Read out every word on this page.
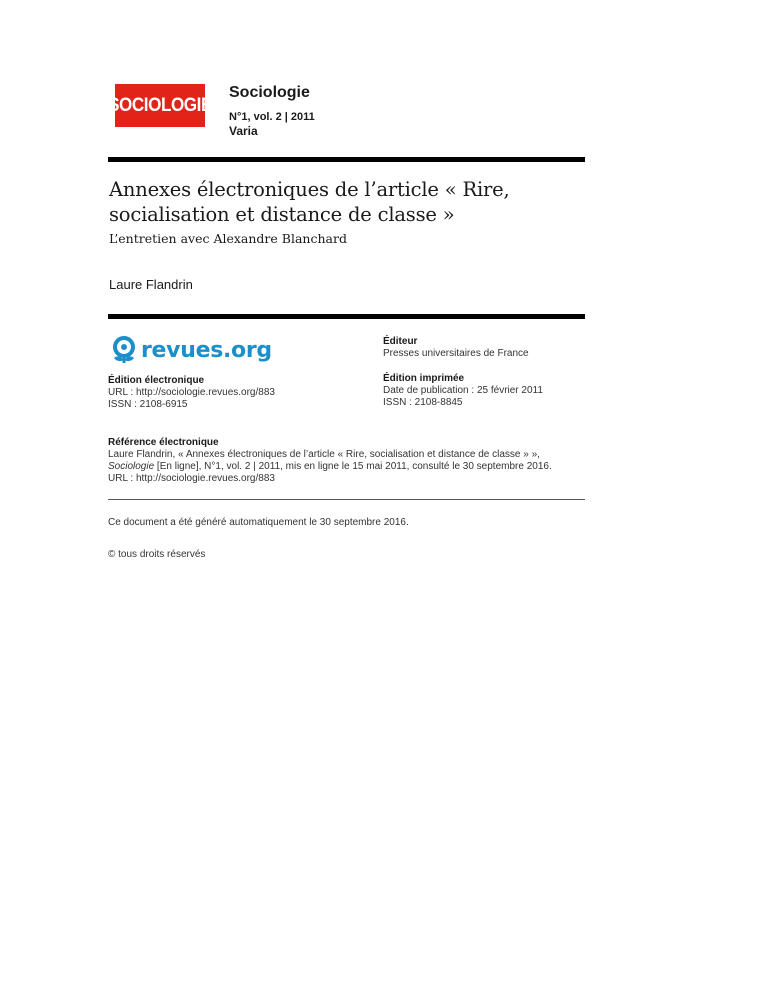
SOCIOLOGIE
Sociologie
N°1, vol. 2 | 2011
Varia
Annexes électroniques de l’article « Rire,
socialisation et distance de classe »
L’entretien avec Alexandre Blanchard
Laure Flandrin
revues.org	Éditeur
Presses universitaires de France
Édition électronique
URL : http://sociologie.revues.org/883
ISSN : 2108-6915
Édition imprimée
Date de publication : 25 février 2011
ISSN : 2108-8845
Référence électronique
Laure Flandrin, « Annexes électroniques de l’article « Rire, socialisation et distance de classe » »,
Sociologie [En ligne], N°1, vol. 2 | 2011, mis en ligne le 15 mai 2011, consulté le 30 septembre 2016.
URL : http://sociologie.revues.org/883
Ce document a été généré automatiquement le 30 septembre 2016.
© tous droits réservés
